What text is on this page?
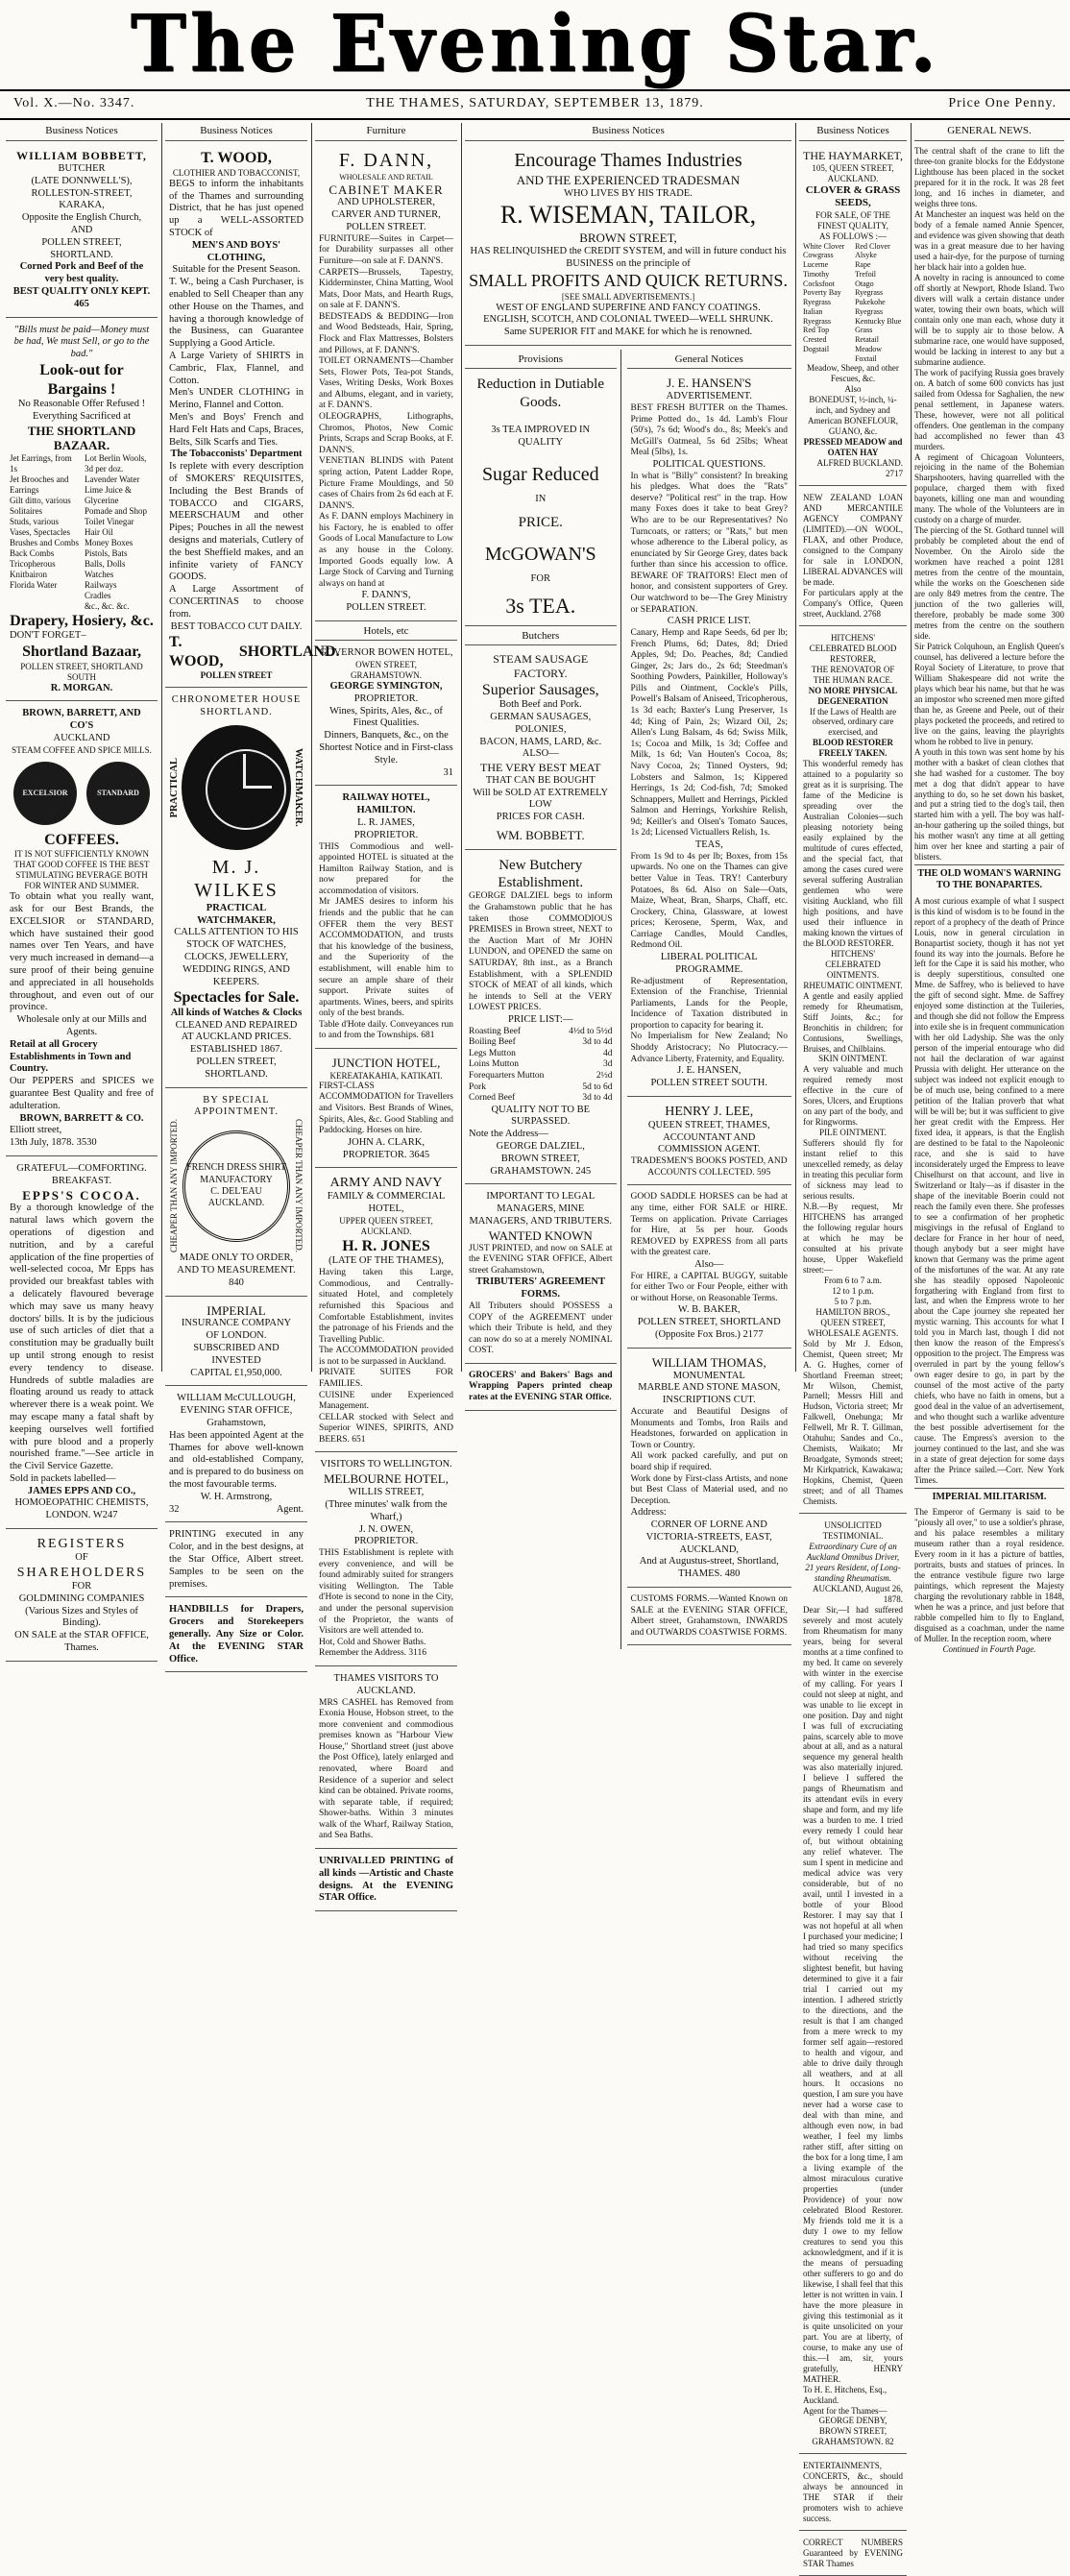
The Evening Star.
Vol. X.—No. 3347.	THE THAMES, SATURDAY, SEPTEMBER 13, 1879.	Price One Penny.
Business Notices
WILLIAM BOBBETT,
BUTCHER
(LATE DONNWELL'S),
ROLLESTON-STREET, KARAKA,
Opposite the English Church,
AND
POLLEN STREET, SHORTLAND.
Corned Pork and Beef of the very best quality.
BEST QUALITY ONLY KEPT. 465
"Bills must be paid—Money must be had, We must Sell, or go to the bad."
Look-out for Bargains !
No Reasonable Offer Refused ! Everything Sacrificed at
THE SHORTLAND BAZAAR.
Jet Earrings, from 1s
Jet Brooches and Earrings
Gilt ditto, various
Solitaires
Studs, various
Vases, Spectacles
Brushes and Combs
Back Combs
Tricopherous
Knitbairon
Florida Water
Lot Berlin Wools, 3d per doz.
Lavender Water
Lime Juice & Glycerine
Pomade and Shop
Toilet Vinegar
Hair Oil
Money Boxes
Pistols, Bats
Balls, Dolls
Watches
Railways
Cradles
&c., &c. &c.
Drapery, Hosiery, &c.
DON'T FORGET–
Shortland Bazaar,
POLLEN STREET, SHORTLAND SOUTH
R. MORGAN.
BROWN, BARRETT, AND CO'S
AUCKLAND
STEAM COFFEE AND SPICE MILLS.
EXCELSIOR	STANDARD
COFFEES.
IT IS NOT SUFFICIENTLY KNOWN THAT GOOD COFFEE IS THE BEST STIMULATING BEVERAGE BOTH FOR WINTER AND SUMMER.
To obtain what you really want, ask for our Best Brands, the EXCELSIOR or STANDARD, which have sustained their good names over Ten Years, and have very much increased in demand—a sure proof of their being genuine and appreciated in all households throughout, and even out of our province.
Wholesale only at our Mills and Agents.
Retail at all Grocery Establishments in Town and Country.
Our PEPPERS and SPICES we guarantee Best Quality and free of adulteration.
BROWN, BARRETT & CO.
Elliott street,
13th July, 1878. 3530
GRATEFUL—COMFORTING.
BREAKFAST.
EPPS'S COCOA.
By a thorough knowledge of the natural laws which govern the operations of digestion and nutrition, and by a careful application of the fine properties of well-selected cocoa, Mr Epps has provided our breakfast tables with a delicately flavoured beverage which may save us many heavy doctors' bills. It is by the judicious use of such articles of diet that a constitution may be gradually built up until strong enough to resist every tendency to disease. Hundreds of subtle maladies are floating around us ready to attack wherever there is a weak point. We may escape many a fatal shaft by keeping ourselves well fortified with pure blood and a properly nourished frame."—See article in the Civil Service Gazette.
Sold in packets labelled—
JAMES EPPS AND CO.,
HOMOEOPATHIC CHEMISTS,
LONDON. W247
REGISTERS
OF
SHAREHOLDERS
FOR
GOLDMINING COMPANIES
(Various Sizes and Styles of Binding).
ON SALE at the STAR OFFICE, Thames.
Business Notices
T. WOOD,
CLOTHIER AND TOBACCONIST,
BEGS to inform the inhabitants of the Thames and surrounding District, that he has just opened up a WELL-ASSORTED STOCK of
MEN'S AND BOYS' CLOTHING,
Suitable for the Present Season.
T. W., being a Cash Purchaser, is enabled to Sell Cheaper than any other House on the Thames, and having a thorough knowledge of the Business, can Guarantee Supplying a Good Article.
A Large Variety of SHIRTS in Cambric, Flax, Flannel, and Cotton.
Men's UNDER CLOTHING in Merino, Flannel and Cotton.
Men's and Boys' French and Hard Felt Hats and Caps, Braces, Belts, Silk Scarfs and Ties.
The Tobacconists' Department
Is replete with every description of SMOKERS' REQUISITES, Including the Best Brands of TOBACCO and CIGARS, MEERSCHAUM and other Pipes; Pouches in all the newest designs and materials, Cutlery of the best Sheffield makes, and an infinite variety of FANCY GOODS.
A Large Assortment of CONCERTINAS to choose from.
BEST TOBACCO CUT DAILY.
T. WOOD,
SHORTLAND.
POLLEN STREET
CHRONOMETER HOUSE SHORTLAND.
PRACTICAL	WATCHMAKER.
M. J. WILKES
PRACTICAL WATCHMAKER,
CALLS ATTENTION TO HIS STOCK OF WATCHES, CLOCKS, JEWELLERY, WEDDING RINGS, AND KEEPERS.
Spectacles for Sale.
All kinds of Watches & Clocks
CLEANED AND REPAIRED AT AUCKLAND PRICES.
ESTABLISHED 1867.
POLLEN STREET, SHORTLAND.
BY SPECIAL APPOINTMENT.
CHEAPER THAN ANY IMPORTED. FRENCH DRESS SHIRT MANUFACTORY
C. DEL'EAU
AUCKLAND.	CHEAPER THAN ANY IMPORTED.
MADE ONLY TO ORDER, AND TO MEASUREMENT. 840
IMPERIAL
INSURANCE COMPANY
OF LONDON.
SUBSCRIBED AND INVESTED
CAPITAL £1,950,000.
WILLIAM McCULLOUGH,
EVENING STAR OFFICE,
Grahamstown,
Has been appointed Agent at the Thames for above well-known and old-established Company, and is prepared to do business on the most favourable terms.
W. H. Armstrong,
32	Agent.
PRINTING executed in any Color, and in the best designs, at the Star Office, Albert street. Samples to be seen on the premises.
HANDBILLS for Drapers, Grocers and Storekeepers generally. Any Size or Color. At the EVENING STAR Office.
Furniture
F. DANN,
WHOLESALE AND RETAIL
CABINET MAKER
AND UPHOLSTERER,
CARVER AND TURNER,
POLLEN STREET.
FURNITURE—Suites in Carpet—for Durability surpasses all other Furniture—on sale at F. DANN'S.
CARPETS—Brussels, Tapestry, Kidderminster, China Matting, Wool Mats, Door Mats, and Hearth Rugs, on sale at F. DANN'S.
BEDSTEADS & BEDDING—Iron and Wood Bedsteads, Hair, Spring, Flock and Flax Mattresses, Bolsters and Pillows, at F. DANN'S.
TOILET ORNAMENTS—Chamber Sets, Flower Pots, Tea-pot Stands, Vases, Writing Desks, Work Boxes and Albums, elegant, and in variety, at F. DANN'S.
OLEOGRAPHS, Lithographs, Chromos, Photos, New Comic Prints, Scraps and Scrap Books, at F. DANN'S.
VENETIAN BLINDS with Patent spring action, Patent Ladder Rope, Picture Frame Mouldings, and 50 cases of Chairs from 2s 6d each at F. DANN'S.
As F. DANN employs Machinery in his Factory, he is enabled to offer Goods of Local Manufacture to Low as any house in the Colony. Imported Goods equally low. A Large Stock of Carving and Turning always on hand at
F. DANN'S,
POLLEN STREET.
Hotels, etc
GOVERNOR BOWEN HOTEL,
OWEN STREET, GRAHAMSTOWN.
GEORGE SYMINGTON,
PROPRIETOR.
Wines, Spirits, Ales, &c., of Finest Qualities.
Dinners, Banquets, &c., on the Shortest Notice and in First-class Style.
31
RAILWAY HOTEL, HAMILTON.
L. R. JAMES,
PROPRIETOR.
THIS Commodious and well-appointed HOTEL is situated at the Hamilton Railway Station, and is now prepared for the accommodation of visitors.
Mr JAMES desires to inform his friends and the public that he can OFFER them the very BEST ACCOMMODATION, and trusts that his knowledge of the business, and the Superiority of the establishment, will enable him to secure an ample share of their support. Private suites of apartments. Wines, beers, and spirits only of the best brands.
Table d'Hote daily. Conveyances run to and from the Townships. 681
JUNCTION HOTEL,
KEREATAKAHIA, KATIKATI.
FIRST-CLASS ACCOMMODATION for Travellers and Visitors. Best Brands of Wines, Spirits, Ales, &c. Good Stabling and Paddocking. Horses on hire.
JOHN A. CLARK,
PROPRIETOR. 3645
ARMY AND NAVY
FAMILY & COMMERCIAL
HOTEL,
UPPER QUEEN STREET, AUCKLAND.
H. R. JONES
(LATE OF THE THAMES),
Having taken this Large, Commodious, and Centrally-situated Hotel, and completely refurnished this Spacious and Comfortable Establishment, invites the patronage of his Friends and the Travelling Public.
The ACCOMMODATION provided is not to be surpassed in Auckland.
PRIVATE SUITES FOR FAMILIES.
CUISINE under Experienced Management.
CELLAR stocked with Select and Superior WINES, SPIRITS, AND BEERS. 651
VISITORS TO WELLINGTON.
MELBOURNE HOTEL,
WILLIS STREET,
(Three minutes' walk from the Wharf,)
J. N. OWEN,
PROPRIETOR.
THIS Establishment is replete with every convenience, and will be found admirably suited for strangers visiting Wellington. The Table d'Hote is second to none in the City, and under the personal supervision of the Proprietor, the wants of Visitors are well attended to.
Hot, Cold and Shower Baths.
Remember the Address. 3116
THAMES VISITORS TO AUCKLAND.
MRS CASHEL has Removed from Exonia House, Hobson street, to the more convenient and commodious premises known as "Harbour View House," Shortland street (just above the Post Office), lately enlarged and renovated, where Board and Residence of a superior and select kind can be obtained. Private rooms, with separate table, if required; Shower-baths. Within 3 minutes walk of the Wharf, Railway Station, and Sea Baths.
UNRIVALLED PRINTING of all kinds —Artistic and Chaste designs. At the EVENING STAR Office.
Business Notices
Encourage Thames Industries
AND THE EXPERIENCED TRADESMAN
WHO LIVES BY HIS TRADE.
R. WISEMAN, TAILOR,
BROWN STREET,
HAS RELINQUISHED the CREDIT SYSTEM, and will in future conduct his BUSINESS on the principle of
SMALL PROFITS AND QUICK RETURNS.
[SEE SMALL ADVERTISEMENTS.]
WEST OF ENGLAND SUPERFINE AND FANCY COATINGS.
ENGLISH, SCOTCH, AND COLONIAL TWEED—WELL SHRUNK.
Same SUPERIOR FIT and MAKE for which he is renowned.
Provisions
Reduction in Dutiable
Goods.
3s TEA IMPROVED IN QUALITY
Sugar Reduced
IN
PRICE.
McGOWAN'S
FOR
3s TEA.
Butchers
STEAM SAUSAGE FACTORY.
Superior Sausages,
Both Beef and Pork.
GERMAN SAUSAGES, POLONIES,
BACON, HAMS, LARD, &c.
ALSO—
THE VERY BEST MEAT
THAT CAN BE BOUGHT
Will be SOLD AT EXTREMELY LOW
PRICES FOR CASH.
WM. BOBBETT.
New Butchery Establishment.
GEORGE DALZIEL begs to inform the Grahamstown public that he has taken those COMMODIOUS PREMISES in Brown street, NEXT to the Auction Mart of Mr JOHN LUNDON, and OPENED the same on SATURDAY, 8th inst., as a Branch Establishment, with a SPLENDID STOCK of MEAT of all kinds, which he intends to Sell at the VERY LOWEST PRICES.
PRICE LIST:—
Roasting Beef	4½d to 5½d
Boiling Beef	3d to 4d
Legs Mutton	4d
Loins Mutton	3d
Forequarters Mutton	2½d
Pork	5d to 6d
Corned Beef	3d to 4d
QUALITY NOT TO BE SURPASSED.
Note the Address—
GEORGE DALZIEL,
BROWN STREET,
GRAHAMSTOWN. 245
IMPORTANT TO LEGAL MANAGERS, MINE MANAGERS, AND TRIBUTERS.
WANTED KNOWN
JUST PRINTED, and now on SALE at the EVENING STAR OFFICE, Albert street Grahamstown,
TRIBUTERS' AGREEMENT FORMS.
All Tributers should POSSESS a COPY of the AGREEMENT under which their Tribute is held, and they can now do so at a merely NOMINAL COST.
GROCERS' and Bakers' Bags and Wrapping Papers printed cheap rates at the EVENING STAR Office.
General Notices
J. E. HANSEN'S
ADVERTISEMENT.
BEST FRESH BUTTER on the Thames. Prime Potted do., 1s 4d. Lamb's Flour (50's), 7s 6d; Wood's do., 8s; Meek's and McGill's Oatmeal, 5s 6d 25lbs; Wheat Meal (5lbs), 1s.
POLITICAL QUESTIONS.
In what is "Billy" consistent? In breaking his pledges. What does the "Rats" deserve? "Political rest" in the trap. How many Foxes does it take to beat Grey? Who are to be our Representatives? No Turncoats, or ratters; or "Rats," but men whose adherence to the Liberal policy, as enunciated by Sir George Grey, dates back further than since his accession to office. BEWARE OF TRAITORS! Elect men of honor, and consistent supporters of Grey. Our watchword to be—The Grey Ministry or SEPARATION.
CASH PRICE LIST.
Canary, Hemp and Rape Seeds, 6d per lb; French Plums, 6d; Dates, 8d; Dried Apples, 9d; Do. Peaches, 8d; Candied Ginger, 2s; Jars do., 2s 6d; Steedman's Soothing Powders, Painkiller, Holloway's Pills and Ointment, Cockle's Pills, Powell's Balsam of Aniseed, Tricopherous, 1s 3d each; Baxter's Lung Preserver, 1s 4d; King of Pain, 2s; Wizard Oil, 2s; Allen's Lung Balsam, 4s 6d; Swiss Milk, 1s; Cocoa and Milk, 1s 3d; Coffee and Milk, 1s 6d; Van Houten's Cocoa, 8s; Navy Cocoa, 2s; Tinned Oysters, 9d; Lobsters and Salmon, 1s; Kippered Herrings, 1s 2d; Cod-fish, 7d; Smoked Schnappers, Mullett and Herrings, Pickled Salmon and Herrings, Yorkshire Relish, 9d; Keiller's and Olsen's Tomato Sauces, 1s 2d; Licensed Victuallers Relish, 1s.
TEAS,
From 1s 9d to 4s per lb; Boxes, from 15s upwards. No one on the Thames can give better Value in Teas. TRY! Canterbury Potatoes, 8s 6d. Also on Sale—Oats, Maize, Wheat, Bran, Sharps, Chaff, etc. Crockery, China, Glassware, at lowest prices; Kerosene, Sperm, Wax, and Carriage Candles, Mould Candles, Redmond Oil.
LIBERAL POLITICAL PROGRAMME.
Re-adjustment of Representation, Extension of the Franchise, Triennial Parliaments, Lands for the People, Incidence of Taxation distributed in proportion to capacity for bearing it.
No Imperialism for New Zealand; No Shoddy Aristocracy; No Plutocracy.—Advance Liberty, Fraternity, and Equality.
J. E. HANSEN,
POLLEN STREET SOUTH.
HENRY J. LEE,
QUEEN STREET, THAMES,
ACCOUNTANT AND COMMISSION AGENT.
TRADESMEN'S BOOKS POSTED, AND ACCOUNTS COLLECTED. 595
GOOD SADDLE HORSES can be had at any time, either FOR SALE or HIRE. Terms on application. Private Carriages for Hire, at 5s per hour. Goods REMOVED by EXPRESS from all parts with the greatest care.
Also—
For HIRE, a CAPITAL BUGGY, suitable for either Two or Four People, either with or without Horse, on Reasonable Terms.
W. B. BAKER,
POLLEN STREET, SHORTLAND
(Opposite Fox Bros.) 2177
WILLIAM THOMAS,
MONUMENTAL
MARBLE AND STONE MASON,
INSCRIPTIONS CUT.
Accurate and Beautiful Designs of Monuments and Tombs, Iron Rails and Headstones, forwarded on application in Town or Country.
All work packed carefully, and put on board ship if required.
Work done by First-class Artists, and none but Best Class of Material used, and no Deception.
Address:
CORNER OF LORNE AND VICTORIA-STREETS, EAST, AUCKLAND,
And at Augustus-street, Shortland, THAMES. 480
CUSTOMS FORMS.—Wanted Known on SALE at the EVENING STAR OFFICE, Albert street, Grahamstown, INWARDS and OUTWARDS COASTWISE FORMS.
Business Notices
THE HAYMARKET,
105, QUEEN STREET,
AUCKLAND.
CLOVER & GRASS SEEDS,
FOR SALE, OF THE FINEST QUALITY,
AS FOLLOWS :—
White Clover
Cowgrass
Lucerne
Timothy
Cocksfoot
Poverty Bay Ryegrass
Italian Ryegrass
Red Top
Crested Dogstail
Red Clover
Alsyke
Rape
Trefoil
Otago Ryegrass
Pukekohe Ryegrass
Kentucky Blue Grass
Retatail
Meadow Foxtail
Meadow, Sheep, and other Fescues, &c.
Also
BONEDUST, ½-inch, ¼-inch, and Sydney and American BONEFLOUR, GUANO, &c.
PRESSED MEADOW and OATEN HAY
ALFRED BUCKLAND. 2717
NEW ZEALAND LOAN AND MERCANTILE AGENCY COMPANY (LIMITED).—ON WOOL, FLAX, and other Produce, consigned to the Company for sale in LONDON, LIBERAL ADVANCES will be made.
For particulars apply at the Company's Office, Queen street, Auckland. 2768
HITCHENS' CELEBRATED BLOOD RESTORER,
THE RENOVATOR OF THE HUMAN RACE.
NO MORE PHYSICAL DEGENERATION
If the Laws of Health are observed, ordinary care exercised, and
BLOOD RESTORER FREELY TAKEN.
This wonderful remedy has attained to a popularity so great as it is surprising. The fame of the Medicine is spreading over the Australian Colonies—such pleasing notoriety being easily explained by the multitude of cures effected, and the special fact, that among the cases cured were several suffering Australian gentlemen who were visiting Auckland, who fill high positions, and have used their influence in making known the virtues of the BLOOD RESTORER.
HITCHENS' CELEBRATED OINTMENTS.
RHEUMATIC OINTMENT.
A gentle and easily applied remedy for Rheumatism, Stiff Joints, &c.; for Bronchitis in children; for Contusions, Swellings, Bruises, and Chilblains.
SKIN OINTMENT.
A very valuable and much required remedy most effective in the cure of Sores, Ulcers, and Eruptions on any part of the body, and for Ringworms.
PILE OINTMENT.
Sufferers should fly for instant relief to this unexcelled remedy, as delay in treating this peculiar form of sickness may lead to serious results.
N.B.—By request, Mr HITCHENS has arranged the following regular hours at which he may be consulted at his private house, Upper Wakefield street:—
From 6 to 7 a.m.
12 to 1 p.m.
5 to 7 p.m.
HAMILTON BROS., QUEEN STREET, WHOLESALE AGENTS.
Sold by Mr J. Edson, Chemist, Queen street; Mr A. G. Hughes, corner of Shortland Freeman street; Mr Wilson, Chemist, Parnell; Messrs Hill and Hudson, Victoria street; Mr Falkwell, Onehunga; Mr Fellwell, Mr R. T. Gillman, Otahuhu; Sandes and Co., Chemists, Waikato; Mr Broadgate, Symonds street; Mr Kirkpatrick, Kawakawa; Hopkins, Chemist, Queen street; and of all Thames Chemists.
UNSOLICITED TESTIMONIAL.
Extraordinary Cure of an Auckland Omnibus Driver, 21 years Resident, of Long-standing Rheumatism.
AUCKLAND, August 26, 1878.
Dear Sir,—I had suffered severely and most acutely from Rheumatism for many years, being for several months at a time confined to my bed. It came on severely with winter in the exercise of my calling. For years I could not sleep at night, and was unable to lie except in one position. Day and night I was full of excruciating pains, scarcely able to move about at all, and as a natural sequence my general health was also materially injured. I believe I suffered the pangs of Rheumatism and its attendant evils in every shape and form, and my life was a burden to me. I tried every remedy I could hear of, but without obtaining any relief whatever. The sum I spent in medicine and medical advice was very considerable, but of no avail, until I invested in a bottle of your Blood Restorer. I may say that I was not hopeful at all when I purchased your medicine; I had tried so many specifics without receiving the slightest benefit, but having determined to give it a fair trial I carried out my intention. I adhered strictly to the directions, and the result is that I am changed from a mere wreck to my former self again—restored to health and vigour, and able to drive daily through all weathers, and at all hours. It occasions no question, I am sure you have never had a worse case to deal with than mine, and although even now, in bad weather, I feel my limbs rather stiff, after sitting on the box for a long time, I am a living example of the almost miraculous curative properties (under Providence) of your now celebrated Blood Restorer. My friends told me it is a duty I owe to my fellow creatures to send you this acknowledgment, and if it is the means of persuading other sufferers to go and do likewise, I shall feel that this letter is not written in vain. I have the more pleasure in giving this testimonial as it is quite unsolicited on your part. You are at liberty, of course, to make any use of this.—I am, sir, yours gratefully, HENRY MATHER.
To H. E. Hitchens, Esq., Auckland.
Agent for the Thames—
GEORGE DENBY,
BROWN STREET,
GRAHAMSTOWN. 82
ENTERTAINMENTS, CONCERTS, &c., should always be announced in THE STAR if their promoters wish to achieve success.
CORRECT NUMBERS Guaranteed by EVENING STAR Thames
GENERAL NEWS.
The central shaft of the crane to lift the three-ton granite blocks for the Eddystone Lighthouse has been placed in the socket prepared for it in the rock. It was 28 feet long, and 16 inches in diameter, and weighs three tons.
At Manchester an inquest was held on the body of a female named Annie Spencer, and evidence was given showing that death was in a great measure due to her having used a hair-dye, for the purpose of turning her black hair into a golden hue.
A novelty in racing is announced to come off shortly at Newport, Rhode Island. Two divers will walk a certain distance under water, towing their own boats, which will contain only one man each, whose duty it will be to supply air to those below. A submarine race, one would have supposed, would be lacking in interest to any but a submarine audience.
The work of pacifying Russia goes bravely on. A batch of some 600 convicts has just sailed from Odessa for Saghalien, the new penal settlement, in Japanese waters. These, however, were not all political offenders. One gentleman in the company had accomplished no fewer than 43 murders.
A regiment of Chicagoan Volunteers, rejoicing in the name of the Bohemian Sharpshooters, having quarrelled with the populace, charged them with fixed bayonets, killing one man and wounding many. The whole of the Volunteers are in custody on a charge of murder.
The piercing of the St. Gothard tunnel will probably be completed about the end of November. On the Airolo side the workmen have reached a point 1281 metres from the centre of the mountain, while the works on the Goeschenen side are only 849 metres from the centre. The junction of the two galleries will, therefore, probably be made some 300 metres from the centre on the southern side.
Sir Patrick Colquhoun, an English Queen's counsel, has delivered a lecture before the Royal Society of Literature, to prove that William Shakespeare did not write the plays which bear his name, but that he was an impostor who screened men more gifted than he, as Greene and Peele, out of their plays pocketed the proceeds, and retired to live on the gains, leaving the playrights whom he robbed to live in penury.
A youth in this town was sent home by his mother with a basket of clean clothes that she had washed for a customer. The boy met a dog that didn't appear to have anything to do, so he set down his basket, and put a string tied to the dog's tail, then started him with a yell. The boy was half-an-hour gathering up the soiled things, but his mother wasn't any time at all getting him over her knee and starting a pair of blisters.
THE OLD WOMAN'S WARNING TO THE BONAPARTES.
A most curious example of what I suspect is this kind of wisdom is to be found in the report of a prophecy of the death of Prince Louis, now in general circulation in Bonapartist society, though it has not yet found its way into the journals. Before he left for the Cape it is said his mother, who is deeply superstitious, consulted one Mme. de Saffrey, who is believed to have the gift of second sight. Mme. de Saffrey enjoyed some distinction at the Tuileries, and though she did not follow the Empress into exile she is in frequent communication with her old Ladyship. She was the only person of the imperial entourage who did not hail the declaration of war against Prussia with delight. Her utterance on the subject was indeed not explicit enough to be of much use, being confined to a mere petition of the Italian proverb that what will be will be; but it was sufficient to give her great credit with the Empress. Her fixed idea, it appears, is that the English are destined to be fatal to the Napoleonic race, and she is said to have inconsiderately urged the Empress to leave Chiselhurst on that account, and live in Switzerland or Italy—as if disaster in the shape of the inevitable Boerin could not reach the family even there. She professes to see a confirmation of her prophetic misgivings in the refusal of England to declare for France in her hour of need, though anybody but a seer might have known that Germany was the prime agent of the misfortunes of the war. At any rate she has steadily opposed Napoleonic forgathering with England from first to last, and when the Empress wrote to her about the Cape journey she repeated her mystic warning. This accounts for what I told you in March last, though I did not then know the reason of the Empress's opposition to the project. The Empress was overruled in part by the young fellow's own eager desire to go, in part by the counsel of the most active of the party chiefs, who have no faith in omens, but a good deal in the value of an advertisement, and who thought such a warlike adventure the best possible advertisement for the cause. The Empress's aversion to the journey continued to the last, and she was in a state of great dejection for some days after the Prince sailed.—Corr. New York Times.
IMPERIAL MILITARISM.
The Emperor of Germany is said to be "piously all over," to use a soldier's phrase, and his palace resembles a military museum rather than a royal residence. Every room in it has a picture of battles, portraits, busts and statues of princes. In the entrance vestibule figure two large paintings, which represent the Majesty charging the revolutionary rabble in 1848, when he was a prince, and just before that rabble compelled him to fly to England, disguised as a coachman, under the name of Muller. In the reception room, where
Continued in Fourth Page.
